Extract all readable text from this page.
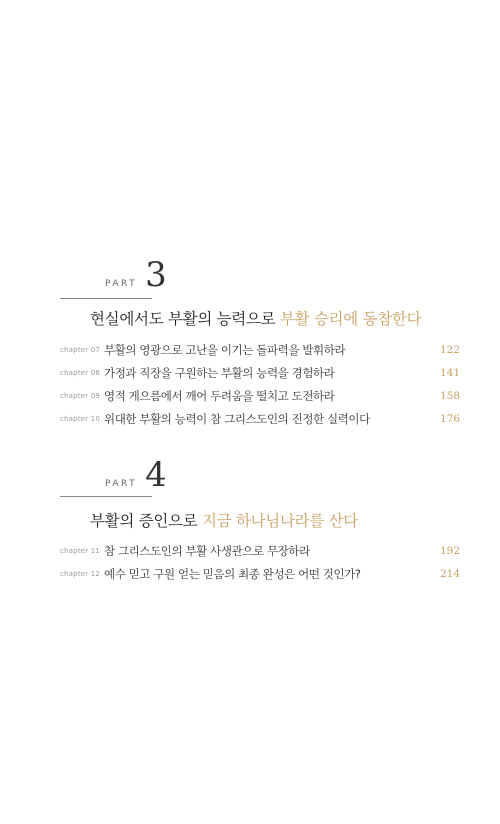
PART 3
현실에서도 부활의 능력으로 부활 승리에 동참한다
chapter 07 부활의 영광으로 고난을 이기는 돌파력을 발휘하라	122
chapter 08 가정과 직장을 구원하는 부활의 능력을 경험하라	141
chapter 09 영적 게으름에서 깨어 두려움을 떨치고 도전하라	158
chapter 10 위대한 부활의 능력이 참 그리스도인의 진정한 실력이다	176
PART 4
부활의 증인으로 지금 하나님나라를 산다
chapter 11 참 그리스도인의 부활 사생관으로 무장하라	192
chapter 12 예수 믿고 구원 얻는 믿음의 최종 완성은 어떤 것인가?	214
